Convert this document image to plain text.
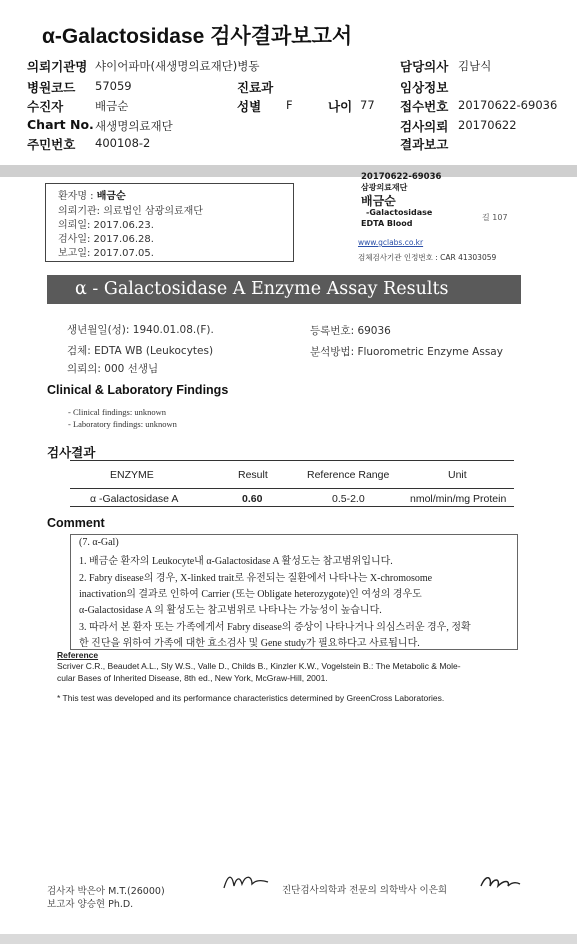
α-Galactosidase 검사결과보고서
의뢰기관명 샤이어파마(새생명의료재단)병동	담당의사 김남식
병원코드 57059	진료과	임상정보
수진자	배금순	성별 F	나이 77 접수번호 20170622-69036
Chart No. 새생명의료재단	검사의뢰 20170622
주민번호 400108-2	결과보고
환자명 : 배금순
의뢰기관: 의료법인 삼광의료재단
의뢰일: 2017.06.23.
검사일: 2017.06.28.
보고일: 2017.07.05.
20170622-69036
삼광의료재단
배금순
-Galactosidase
EDTA Blood
길 107
www.gclabs.co.kr
검체검사기관 인정번호 : CAR 41303059
α - Galactosidase A Enzyme Assay Results
생년월일(성): 1940.01.08.(F).	등록번호: 69036
검체: EDTA WB (Leukocytes)	분석방법: Fluorometric Enzyme Assay
의뢰의: 000 선생님
Clinical & Laboratory Findings
- Clinical findings: unknown
- Laboratory findings: unknown
검사결과
ENZYME	Result	Reference Range	Unit
α -Galactosidase A	0.60	0.5-2.0	nmol/min/mg Protein
Comment
(7. α-Gal)
1. 배금순 환자의 Leukocyte내 α-Galactosidase A 활성도는 참고범위입니다.
2. Fabry disease의 경우, X-linked trait로 유전되는 질환에서 나타나는 X-chromosome
inactivation의 결과로 인하여 Carrier (또는 Obligate heterozygote)인 여성의 경우도
α-Galactosidase A 의 활성도는 참고범위로 나타나는 가능성이 높습니다.
3. 따라서 본 환자 또는 가족에게서 Fabry disease의 증상이 나타나거나 의심스러운 경우, 정확
한 진단을 위하여 가족에 대한 효소검사 및 Gene study가 필요하다고 사료됩니다.
Reference
Scriver C.R., Beaudet A.L., Sly W.S., Valle D., Childs B., Kinzler K.W., Vogelstein B.: The Metabolic & Mole-
cular Bases of Inherited Disease, 8th ed., New York, McGraw-Hill, 2001.
* This test was developed and its performance characteristics determined by GreenCross Laboratories.
검사자 박은아 M.T.(26000)
보고자 양승현 Ph.D.
진단검사의학과 전문의 의학박사 이은희
